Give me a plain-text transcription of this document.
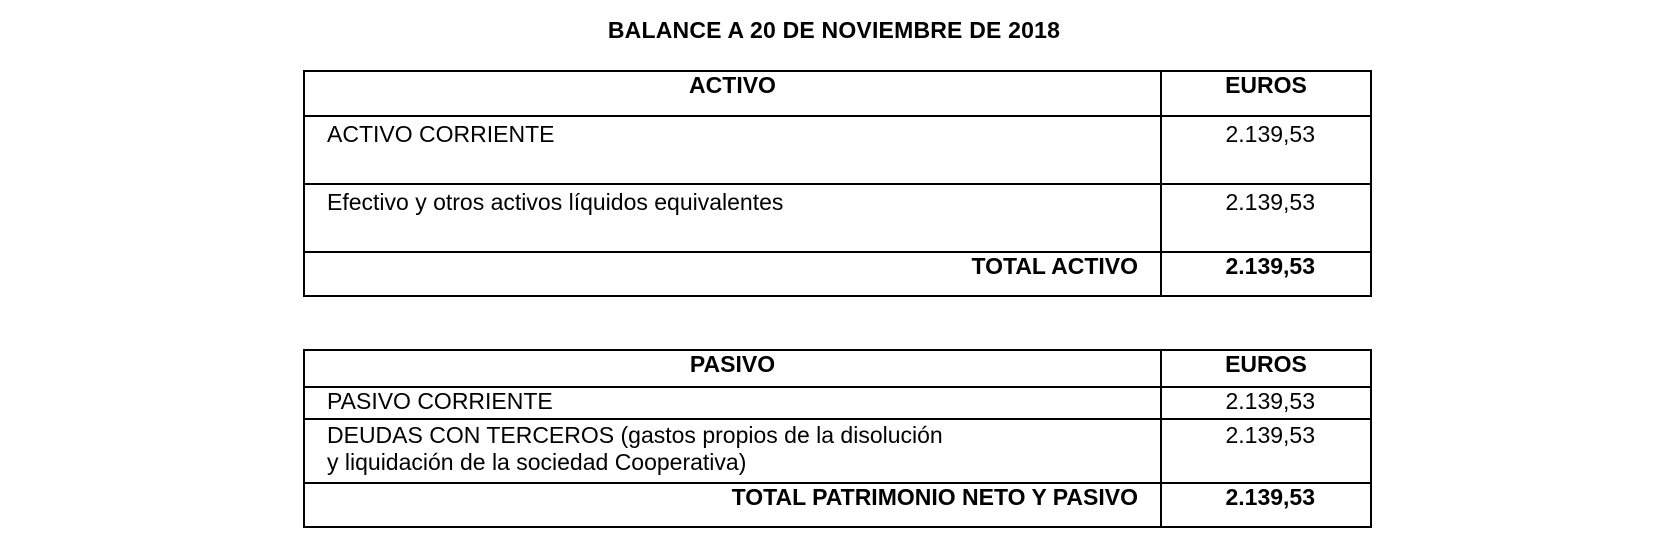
BALANCE A 20 DE NOVIEMBRE DE 2018
ACTIVO	EUROS
ACTIVO CORRIENTE	2.139,53
Efectivo y otros activos líquidos equivalentes	2.139,53
TOTAL ACTIVO	2.139,53
PASIVO	EUROS
PASIVO CORRIENTE	2.139,53

DEUDAS CON TERCEROS (gastos propios de la disolución
y liquidación de la sociedad Cooperativa)	2.139,53
TOTAL PATRIMONIO NETO Y PASIVO	2.139,53
